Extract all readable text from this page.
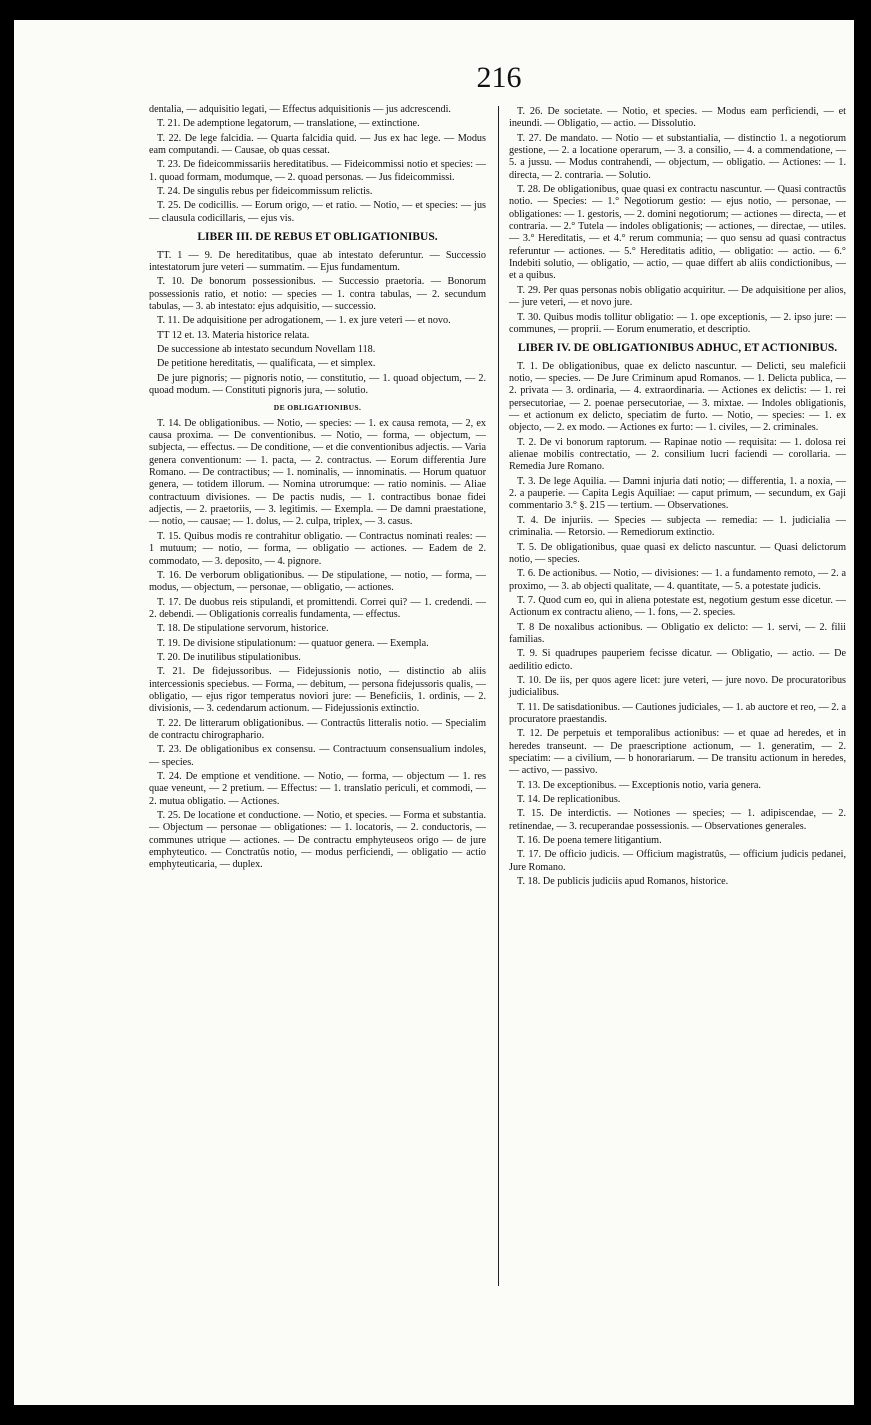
216

dentalia, — adquisitio legati, — Effectus adquisitionis — jus adcrescendi.

T. 21. De ademptione legatorum, — translatione, — extinctione.

T. 22. De lege falcidia. — Quarta falcidia quid. — Jus ex hac lege. — Modus eam computandi. — Causae, ob quas cessat.

T. 23. De fideicommissariis hereditatibus. — Fideicommissi notio et species: — 1. quoad formam, modumque, — 2. quoad personas. — Jus fideicommissi.

T. 24. De singulis rebus per fideicommissum relictis.

T. 25. De codicillis. — Eorum origo, — et ratio. — Notio, — et species: — jus — clausula codicillaris, — ejus vis.

LIBER III. DE REBUS ET OBLIGATIONIBUS.

TT. 1 — 9. De hereditatibus, quae ab intestato deferuntur. — Successio intestatorum jure veteri — summatim. — Ejus fundamentum.

T. 10. De bonorum possessionibus. — Successio praetoria. — Bonorum possessionis ratio, et notio: — species — 1. contra tabulas, — 2. secundum tabulas, — 3. ab intestato: ejus adquisitio, — successio.

T. 11. De adquisitione per adrogationem, — 1. ex jure veteri — et novo.

TT 12 et. 13. Materia historice relata.

De successione ab intestato secundum Novellam 118.

De petitione hereditatis, — qualificata, — et simplex.

De jure pignoris; — pignoris notio, — constitutio, — 1. quoad objectum, — 2. quoad modum. — Constituti pignoris jura, — solutio.

DE OBLIGATIONIBUS.

T. 14. De obligationibus. — Notio, — species: — 1. ex causa remota, — 2, ex causa proxima. — De conventionibus. — Notio, — forma, — objectum, — subjecta, — effectus. — De conditione, — et die conventionibus adjectis. — Varia genera conventionum: — 1. pacta, — 2. contractus. — Eorum differentia Jure Romano. — De contractibus; — 1. nominalis, — innominatis. — Horum quatuor genera, — totidem illorum. — Nomina utrorumque: — ratio nominis. — Aliae contractuum divisiones. — De pactis nudis, — 1. contractibus bonae fidei adjectis, — 2. praetoriis, — 3. legitimis. — Exempla. — De damni praestatione, — notio, — causae; — 1. dolus, — 2. culpa, triplex, — 3. casus.

T. 15. Quibus modis re contrahitur obligatio. — Contractus nominati reales: — 1 mutuum; — notio, — forma, — obligatio — actiones. — Eadem de 2. commodato, — 3. deposito, — 4. pignore.

T. 16. De verborum obligationibus. — De stipulatione, — notio, — forma, — modus, — objectum, — personae, — obligatio, — actiones.

T. 17. De duobus reis stipulandi, et promittendi. Correi qui? — 1. credendi. — 2. debendi. — Obligationis correalis fundamenta, — effectus.

T. 18. De stipulatione servorum, historice.

T. 19. De divisione stipulationum: — quatuor genera. — Exempla.

T. 20. De inutilibus stipulationibus.

T. 21. De fidejussoribus. — Fidejussionis notio, — distinctio ab aliis intercessionis speciebus. — Forma, — debitum, — persona fidejussoris qualis, — obligatio, — ejus rigor temperatus noviori jure: — Beneficiis, 1. ordinis, — 2. divisionis, — 3. cedendarum actionum. — Fidejussionis extinctio.

T. 22. De litterarum obligationibus. — Contractûs litteralis notio. — Specialim de contractu chirographario.

T. 23. De obligationibus ex consensu. — Contractuum consensualium indoles, — species.

T. 24. De emptione et venditione. — Notio, — forma, — objectum — 1. res quae veneunt, — 2 pretium. — Effectus: — 1. translatio periculi, et commodi, — 2. mutua obligatio. — Actiones.

T. 25. De locatione et conductione. — Notio, et species. — Forma et substantia. — Objectum — personae — obligationes: — 1. locatoris, — 2. conductoris, — communes utrique — actiones. — De contractu emphyteuseos origo — de jure emphyteutico. — Conctratûs notio, — modus perficiendi, — obligatio — actio emphyteuticaria, — duplex.

T. 26. De societate. — Notio, et species. — Modus eam perficiendi, — et ineundi. — Obligatio, — actio. — Dissolutio.

T. 27. De mandato. — Notio — et substantialia, — distinctio 1. a negotiorum gestione, — 2. a locatione operarum, — 3. a consilio, — 4. a commendatione, — 5. a jussu. — Modus contrahendi, — objectum, — obligatio. — Actiones: — 1. directa, — 2. contraria. — Solutio.

T. 28. De obligationibus, quae quasi ex contractu nascuntur. — Quasi contractûs notio. — Species: — 1.° Negotiorum gestio: — ejus notio, — personae, — obligationes: — 1. gestoris, — 2. domini negotiorum; — actiones — directa, — et contraria. — 2.° Tutela — indoles obligationis; — actiones, — directae, — utiles. — 3.° Hereditatis, — et 4.° rerum communia; — quo sensu ad quasi contractus referuntur — actiones. — 5.° Hereditatis aditio, — obligatio: — actio. — 6.° Indebiti solutio, — obligatio, — actio, — quae differt ab aliis condictionibus, — et a quibus.

T. 29. Per quas personas nobis obligatio acquiritur. — De adquisitione per alios, — jure veteri, — et novo jure.

T. 30. Quibus modis tollitur obligatio: — 1. ope exceptionis, — 2. ipso jure: — communes, — proprii. — Eorum enumeratio, et descriptio.

LIBER IV. DE OBLIGATIONIBUS ADHUC, ET ACTIONIBUS.

T. 1. De obligationibus, quae ex delicto nascuntur. — Delicti, seu maleficii notio, — species. — De Jure Criminum apud Romanos. — 1. Delicta publica, — 2. privata — 3. ordinaria, — 4. extraordinaria. — Actiones ex delictis: — 1. rei persecutoriae, — 2. poenae persecutoriae, — 3. mixtae. — Indoles obligationis, — et actionum ex delicto, speciatim de furto. — Notio, — species: — 1. ex objecto, — 2. ex modo. — Actiones ex furto: — 1. civiles, — 2. criminales.

T. 2. De vi bonorum raptorum. — Rapinae notio — requisita: — 1. dolosa rei alienae mobilis contrectatio, — 2. consilium lucri faciendi — corollaria. — Remedia Jure Romano.

T. 3. De lege Aquilia. — Damni injuria dati notio; — differentia, 1. a noxia, — 2. a pauperie. — Capita Legis Aquiliae: — caput primum, — secundum, ex Gaji commentario 3.° §. 215 — tertium. — Observationes.

T. 4. De injuriis. — Species — subjecta — remedia: — 1. judicialia — criminalia. — Retorsio. — Remediorum extinctio.

T. 5. De obligationibus, quae quasi ex delicto nascuntur. — Quasi delictorum notio, — species.

T. 6. De actionibus. — Notio, — divisiones: — 1. a fundamento remoto, — 2. a proximo, — 3. ab objecti qualitate, — 4. quantitate, — 5. a potestate judicis.

T. 7. Quod cum eo, qui in aliena potestate est, negotium gestum esse dicetur. — Actionum ex contractu alieno, — 1. fons, — 2. species.

T. 8 De noxalibus actionibus. — Obligatio ex delicto: — 1. servi, — 2. filii familias.

T. 9. Si quadrupes pauperiem fecisse dicatur. — Obligatio, — actio. — De aedilitio edicto.

T. 10. De iis, per quos agere licet: jure veteri, — jure novo. De procuratoribus judicialibus.

T. 11. De satisdationibus. — Cautiones judiciales, — 1. ab auctore et reo, — 2. a procuratore praestandis.

T. 12. De perpetuis et temporalibus actionibus: — et quae ad heredes, et in heredes transeunt. — De praescriptione actionum, — 1. generatim, — 2. speciatim: — a civilium, — b honorariarum. — De transitu actionum in heredes, — activo, — passivo.

T. 13. De exceptionibus. — Exceptionis notio, varia genera.

T. 14. De replicationibus.

T. 15. De interdictis. — Notiones — species; — 1. adipiscendae, — 2. retinendae, — 3. recuperandae possessionis. — Observationes generales.

T. 16. De poena temere litigantium.

T. 17. De officio judicis. — Officium magistratûs, — officium judicis pedanei, Jure Romano.

T. 18. De publicis judiciis apud Romanos, historice.
